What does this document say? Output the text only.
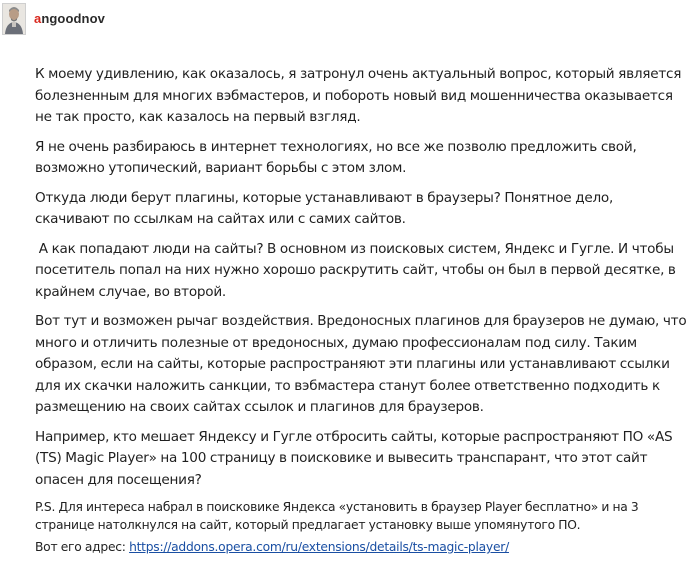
angoodnov

К моему удивлению, как оказалось, я затронул очень актуальный вопрос, который является болезненным для многих вэбмастеров, и побороть новый вид мошенничества оказывается не так просто, как казалось на первый взгляд.

Я не очень разбираюсь в интернет технологиях, но все же позволю предложить свой, возможно утопический, вариант борьбы с этом злом.

Откуда люди берут плагины, которые устанавливают в браузеры? Понятное дело, скачивают по ссылкам на сайтах или с самих сайтов.

А как попадают люди на сайты? В основном из поисковых систем, Яндекс и Гугле. И чтобы посетитель попал на них нужно хорошо раскрутить сайт, чтобы он был в первой десятке, в крайнем случае, во второй.

Вот тут и возможен рычаг воздействия. Вредоносных плагинов для браузеров не думаю, что много и отличить полезные от вредоносных, думаю профессионалам под силу. Таким образом, если на сайты, которые распространяют эти плагины или устанавливают ссылки для их скачки наложить санкции, то вэбмастера станут более ответственно подходить к размещению на своих сайтах ссылок и плагинов для браузеров.

Например, кто мешает Яндексу и Гугле отбросить сайты, которые распространяют ПО «AS (TS) Magic Player» на 100 страницу в поисковике и вывесить транспарант, что этот сайт опасен для посещения?

P.S. Для интереса набрал в поисковике Яндекса «установить в браузер Player бесплатно» и на 3 странице натолкнулся на сайт, который предлагает установку выше упомянутого ПО.

Вот его адрес: https://addons.opera.com/ru/extensions/details/ts-magic-player/
